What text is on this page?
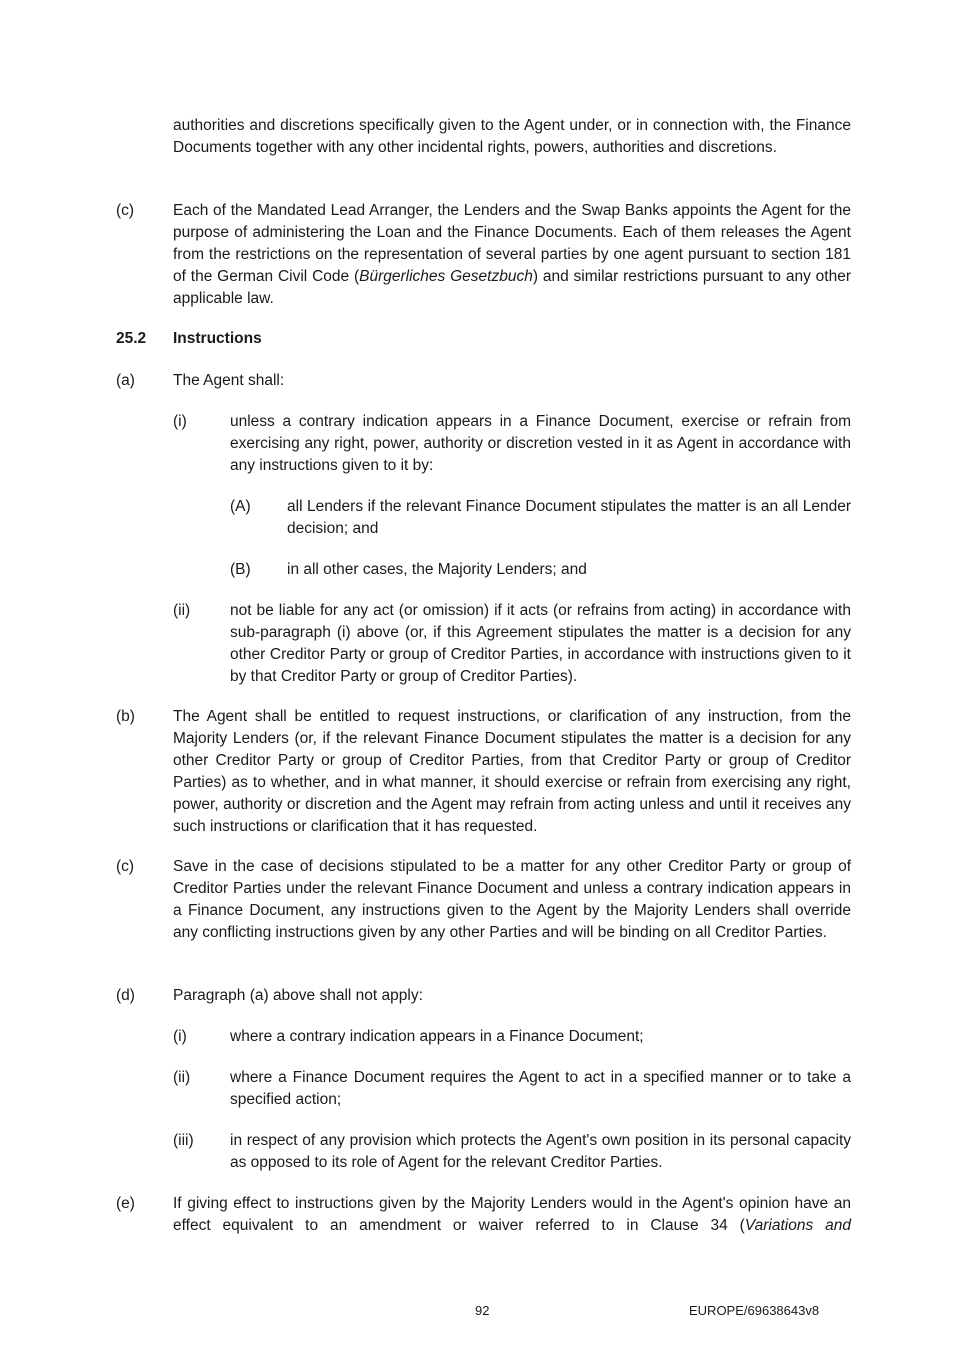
authorities and discretions specifically given to the Agent under, or in connection with, the Finance Documents together with any other incidental rights, powers, authorities and discretions.
(c)	Each of the Mandated Lead Arranger, the Lenders and the Swap Banks appoints the Agent for the purpose of administering the Loan and the Finance Documents. Each of them releases the Agent from the restrictions on the representation of several parties by one agent pursuant to section 181 of the German Civil Code (Bürgerliches Gesetzbuch) and similar restrictions pursuant to any other applicable law.
25.2 Instructions
(a) The Agent shall:
(i)	unless a contrary indication appears in a Finance Document, exercise or refrain from exercising any right, power, authority or discretion vested in it as Agent in accordance with any instructions given to it by:
(A) all Lenders if the relevant Finance Document stipulates the matter is an all Lender decision; and
(B) in all other cases, the Majority Lenders; and
(ii)	not be liable for any act (or omission) if it acts (or refrains from acting) in accordance with sub-paragraph (i) above (or, if this Agreement stipulates the matter is a decision for any other Creditor Party or group of Creditor Parties, in accordance with instructions given to it by that Creditor Party or group of Creditor Parties).
(b) The Agent shall be entitled to request instructions, or clarification of any instruction, from the Majority Lenders (or, if the relevant Finance Document stipulates the matter is a decision for any other Creditor Party or group of Creditor Parties, from that Creditor Party or group of Creditor Parties) as to whether, and in what manner, it should exercise or refrain from exercising any right, power, authority or discretion and the Agent may refrain from acting unless and until it receives any such instructions or clarification that it has requested.
(c)	Save in the case of decisions stipulated to be a matter for any other Creditor Party or group of Creditor Parties under the relevant Finance Document and unless a contrary indication appears in a Finance Document, any instructions given to the Agent by the Majority Lenders shall override any conflicting instructions given by any other Parties and will be binding on all Creditor Parties.
(d) Paragraph (a) above shall not apply:
(i)	where a contrary indication appears in a Finance Document;
(ii)	where a Finance Document requires the Agent to act in a specified manner or to take a specified action;
(iii) in respect of any provision which protects the Agent's own position in its personal capacity as opposed to its role of Agent for the relevant Creditor Parties.
(e) If giving effect to instructions given by the Majority Lenders would in the Agent's opinion have an effect equivalent to an amendment or waiver referred to in Clause 34 (Variations and
92	EUROPE/69638643v8
